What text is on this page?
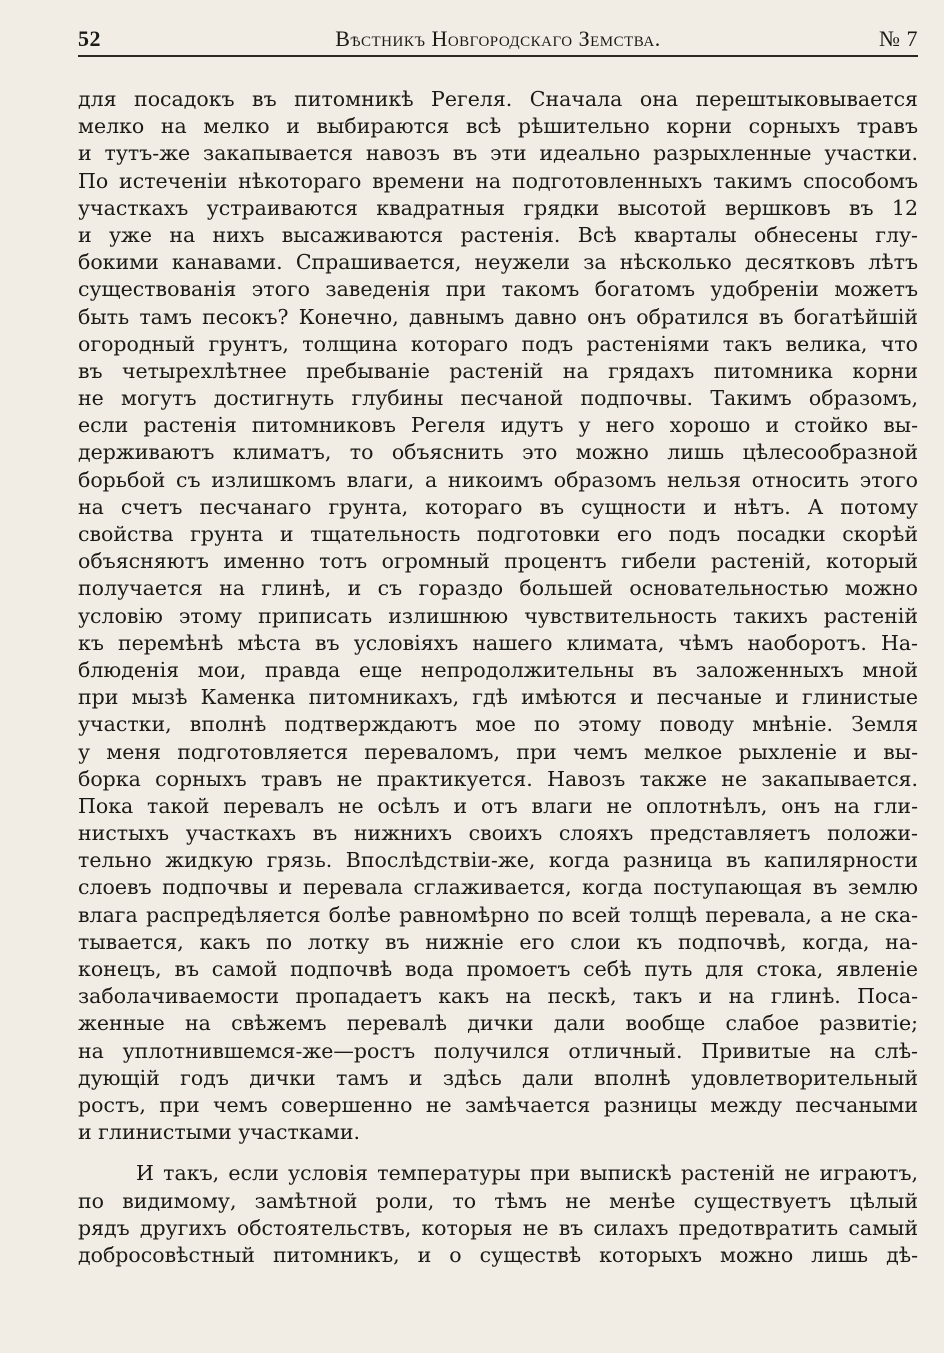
52	Вѣстникъ Новгородскаго Земства.	№ 7
для посадокъ въ питомникѣ Регеля. Сначала она перештыковывается
мелко на мелко и выбираются всѣ рѣшительно корни сорныхъ травъ
и тутъ-же закапывается навозъ въ эти идеально разрыхленные участки.
По истеченіи нѣкотораго времени на подготовленныхъ такимъ способомъ
участкахъ устраиваются квадратныя грядки высотой вершковъ въ 12
и уже на нихъ высаживаются растенія. Всѣ кварталы обнесены глу-
бокими канавами. Спрашивается, неужели за нѣсколько десятковъ лѣтъ
существованія этого заведенія при такомъ богатомъ удобреніи можетъ
быть тамъ песокъ? Конечно, давнымъ давно онъ обратился въ богатѣйшій
огородный грунтъ, толщина котораго подъ растеніями такъ велика, что
въ четырехлѣтнее пребываніе растеній на грядахъ питомника корни
не могутъ достигнуть глубины песчаной подпочвы. Такимъ образомъ,
если растенія питомниковъ Регеля идутъ у него хорошо и стойко вы-
держиваютъ климатъ, то объяснить это можно лишь цѣлесообразной
борьбой съ излишкомъ влаги, а никоимъ образомъ нельзя относить этого
на счетъ песчанаго грунта, котораго въ сущности и нѣтъ. А потому
свойства грунта и тщательность подготовки его подъ посадки скорѣй
объясняютъ именно тотъ огромный процентъ гибели растеній, который
получается на глинѣ, и съ гораздо большей основательностью можно
условію этому приписать излишнюю чувствительность такихъ растеній
къ перемѣнѣ мѣста въ условіяхъ нашего климата, чѣмъ наоборотъ. На-
блюденія мои, правда еще непродолжительны въ заложенныхъ мной
при мызѣ Каменка питомникахъ, гдѣ имѣются и песчаные и глинистые
участки, вполнѣ подтверждаютъ мое по этому поводу мнѣніе. Земля
у меня подготовляется переваломъ, при чемъ мелкое рыхленіе и вы-
борка сорныхъ травъ не практикуется. Навозъ также не закапывается.
Пока такой перевалъ не осѣлъ и отъ влаги не оплотнѣлъ, онъ на гли-
нистыхъ участкахъ въ нижнихъ своихъ слояхъ представляетъ положи-
тельно жидкую грязь. Впослѣдствіи-же, когда разница въ капилярности
слоевъ подпочвы и перевала сглаживается, когда поступающая въ землю
влага распредѣляется болѣе равномѣрно по всей толщѣ перевала, а не ска-
тывается, какъ по лотку въ нижніе его слои къ подпочвѣ, когда, на-
конецъ, въ самой подпочвѣ вода промоетъ себѣ путь для стока, явленіе
заболачиваемости пропадаетъ какъ на пескѣ, такъ и на глинѣ. Поса-
женные на свѣжемъ перевалѣ дички дали вообще слабое развитіе;
на уплотнившемся-же—ростъ получился отличный. Привитые на слѣ-
дующій годъ дички тамъ и здѣсь дали вполнѣ удовлетворительный
ростъ, при чемъ совершенно не замѣчается разницы между песчаными
и глинистыми участками.
И такъ, если условія температуры при выпискѣ растеній не играютъ,
по видимому, замѣтной роли, то тѣмъ не менѣе существуетъ цѣлый
рядъ другихъ обстоятельствъ, которыя не въ силахъ предотвратить самый
добросовѣстный питомникъ, и о существѣ которыхъ можно лишь дѣ-
